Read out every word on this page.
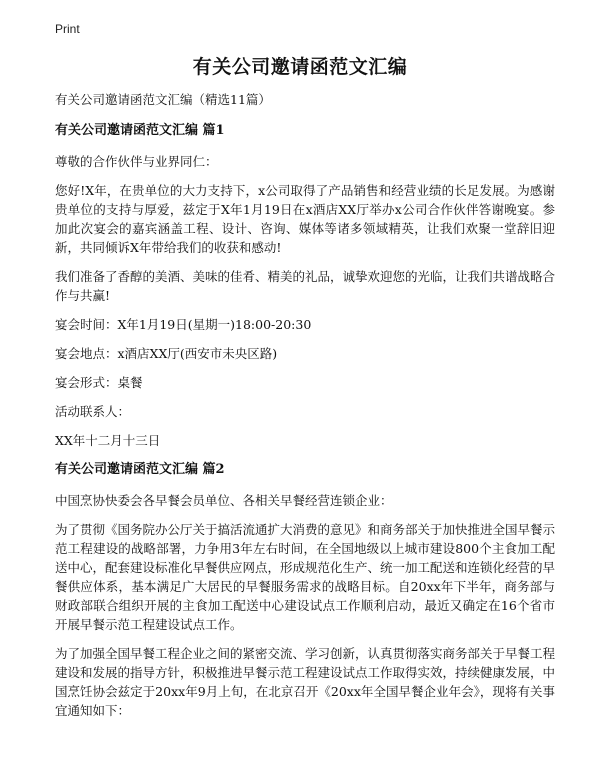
Print
有关公司邀请函范文汇编

有关公司邀请函范文汇编（精选11篇）

有关公司邀请函范文汇编 篇1

尊敬的合作伙伴与业界同仁：

您好!X年，在贵单位的大力支持下，x公司取得了产品销售和经营业绩的长足发展。为感谢贵单位的支持与厚爱，兹定于X年1月19日在x酒店XX厅举办x公司合作伙伴答谢晚宴。参加此次宴会的嘉宾涵盖工程、设计、咨询、媒体等诸多领域精英，让我们欢聚一堂辞旧迎新，共同倾诉X年带给我们的收获和感动!

我们准备了香醇的美酒、美味的佳肴、精美的礼品，诚挚欢迎您的光临，让我们共谱战略合作与共赢!

宴会时间：X年1月19日(星期一)18:00-20:30

宴会地点：x酒店XX厅(西安市未央区路)

宴会形式：桌餐

活动联系人：

XX年十二月十三日

有关公司邀请函范文汇编 篇2

中国烹协快委会各早餐会员单位、各相关早餐经营连锁企业：

为了贯彻《国务院办公厅关于搞活流通扩大消费的意见》和商务部关于加快推进全国早餐示范工程建设的战略部署，力争用3年左右时间，在全国地级以上城市建设800个主食加工配送中心，配套建设标准化早餐供应网点，形成规范化生产、统一加工配送和连锁化经营的早餐供应体系，基本满足广大居民的早餐服务需求的战略目标。自20xx年下半年，商务部与财政部联合组织开展的主食加工配送中心建设试点工作顺利启动，最近又确定在16个省市开展早餐示范工程建设试点工作。

为了加强全国早餐工程企业之间的紧密交流、学习创新，认真贯彻落实商务部关于早餐工程建设和发展的指导方针，积极推进早餐示范工程建设试点工作取得实效，持续健康发展，中国烹饪协会兹定于20xx年9月上旬，在北京召开《20xx年全国早餐企业年会》，现将有关事宜通知如下：
